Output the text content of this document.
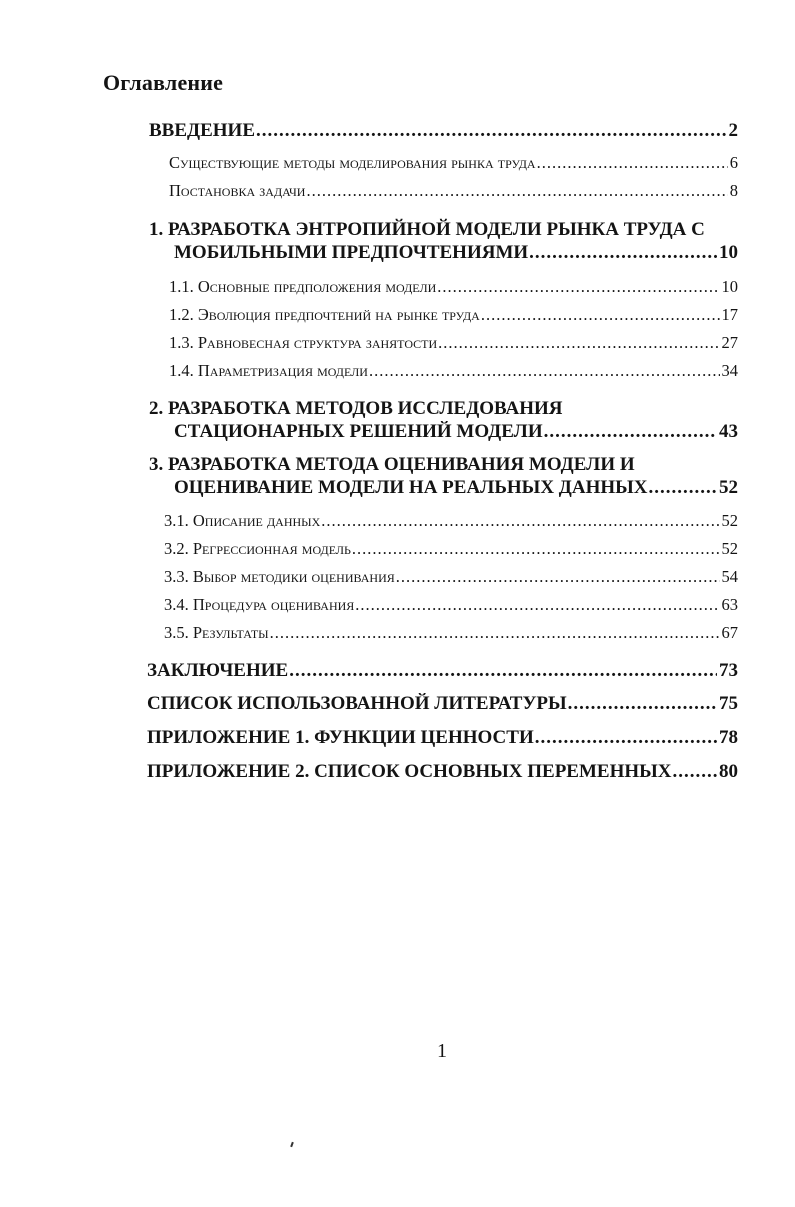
Оглавление
ВВЕДЕНИЕ .....	2
Существующие методы моделирования рынка труда .....	6
Постановка задачи .....	8
1. РАЗРАБОТКА ЭНТРОПИЙНОЙ МОДЕЛИ РЫНКА ТРУДА С
МОБИЛЬНЫМИ ПРЕДПОЧТЕНИЯМИ .....	10
1.1. Основные предположения модели .....	10
1.2. Эволюция предпочтений на рынке труда .....	17
1.3. Равновесная структура занятости .....	27
1.4. Параметризация модели .....	34
2. РАЗРАБОТКА МЕТОДОВ ИССЛЕДОВАНИЯ
СТАЦИОНАРНЫХ РЕШЕНИЙ МОДЕЛИ .....	43
3. РАЗРАБОТКА МЕТОДА ОЦЕНИВАНИЯ МОДЕЛИ И
ОЦЕНИВАНИЕ МОДЕЛИ НА РЕАЛЬНЫХ ДАННЫХ .....	52
3.1. Описание данных .....	52
3.2. Регрессионная модель .....	52
3.3. Выбор методики оценивания .....	54
3.4. Процедура оценивания .....	63
3.5. Результаты .....	67
ЗАКЛЮЧЕНИЕ .....	73
СПИСОК ИСПОЛЬЗОВАННОЙ ЛИТЕРАТУРЫ .....	75
ПРИЛОЖЕНИЕ 1. ФУНКЦИИ ЦЕННОСТИ .....	78
ПРИЛОЖЕНИЕ 2. СПИСОК ОСНОВНЫХ ПЕРЕМЕННЫХ ..... 80
1
